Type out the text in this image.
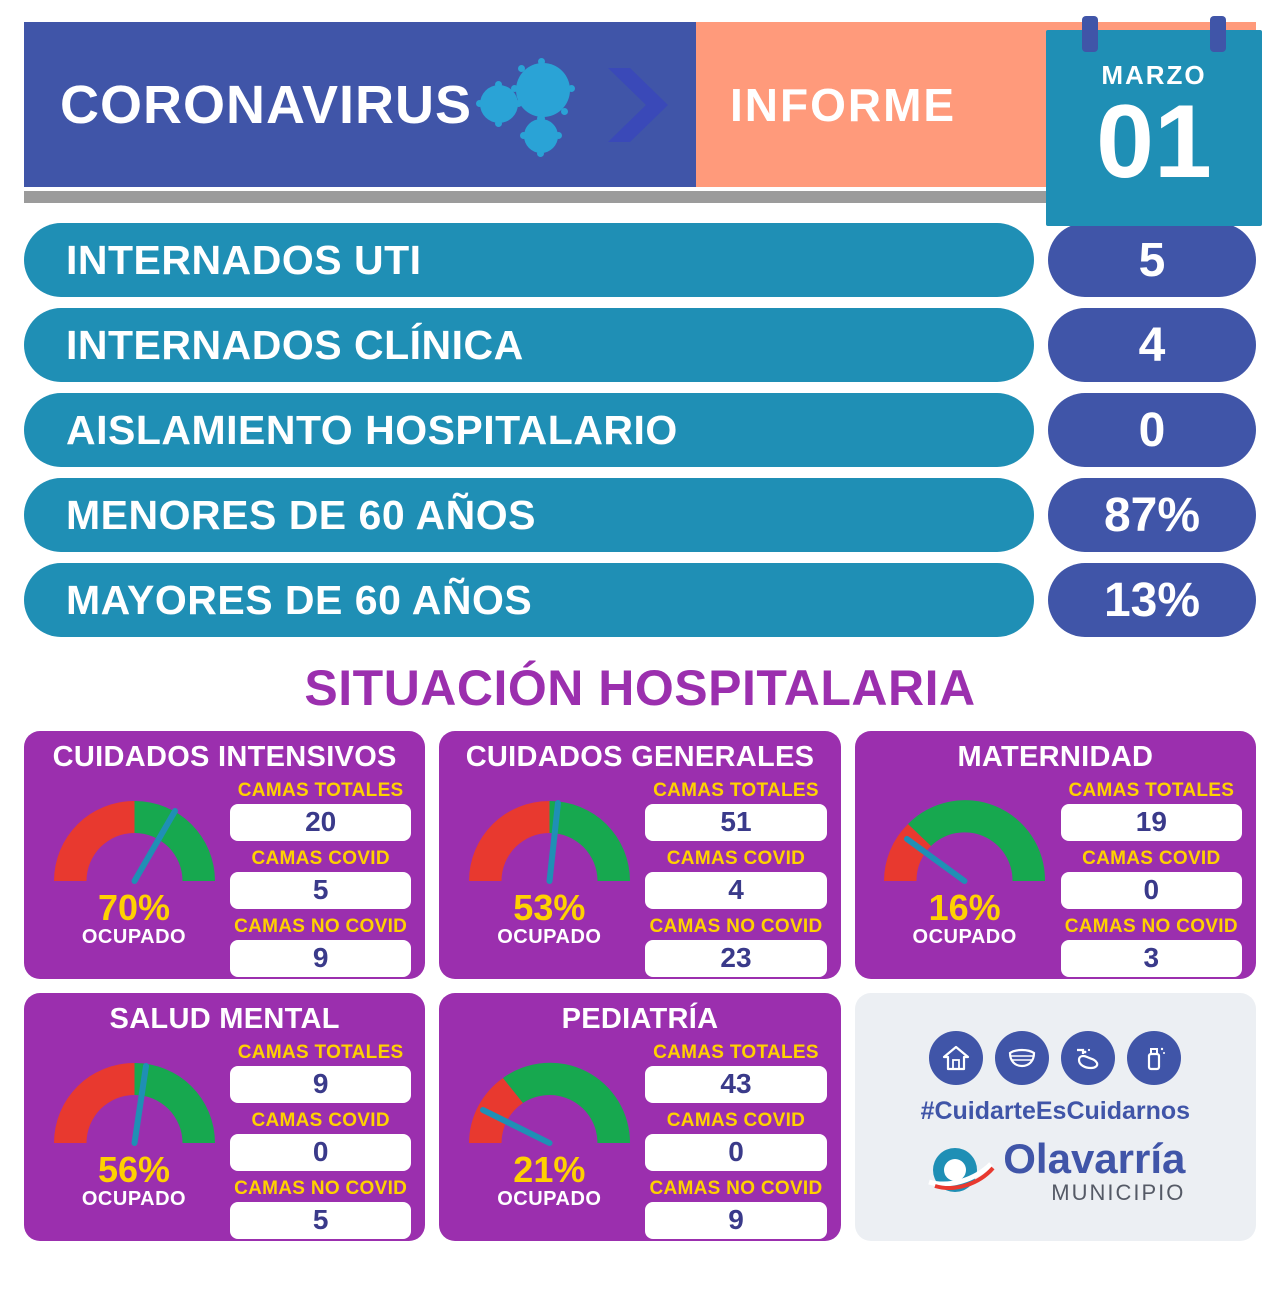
CORONAVIRUS	INFORME
MARZO
01
INTERNADOS UTI	5
INTERNADOS CLÍNICA	4
AISLAMIENTO HOSPITALARIO	0
MENORES DE 60 AÑOS	87%
MAYORES DE 60 AÑOS	13%
SITUACIÓN HOSPITALARIA
CUIDADOS INTENSIVOS
70%
OCUPADO
CAMAS TOTALES
20
CAMAS COVID
5
CAMAS NO COVID
9
CUIDADOS GENERALES
53%
OCUPADO
CAMAS TOTALES
51
CAMAS COVID
4
CAMAS NO COVID
23
MATERNIDAD
16%
OCUPADO
CAMAS TOTALES
19
CAMAS COVID
0
CAMAS NO COVID
3
SALUD MENTAL
56%
OCUPADO
CAMAS TOTALES
9
CAMAS COVID
0
CAMAS NO COVID
5
PEDIATRÍA
21%
OCUPADO
CAMAS TOTALES
43
CAMAS COVID
0
CAMAS NO COVID
9
#CuidarteEsCuidarnos
Olavarría
MUNICIPIO
